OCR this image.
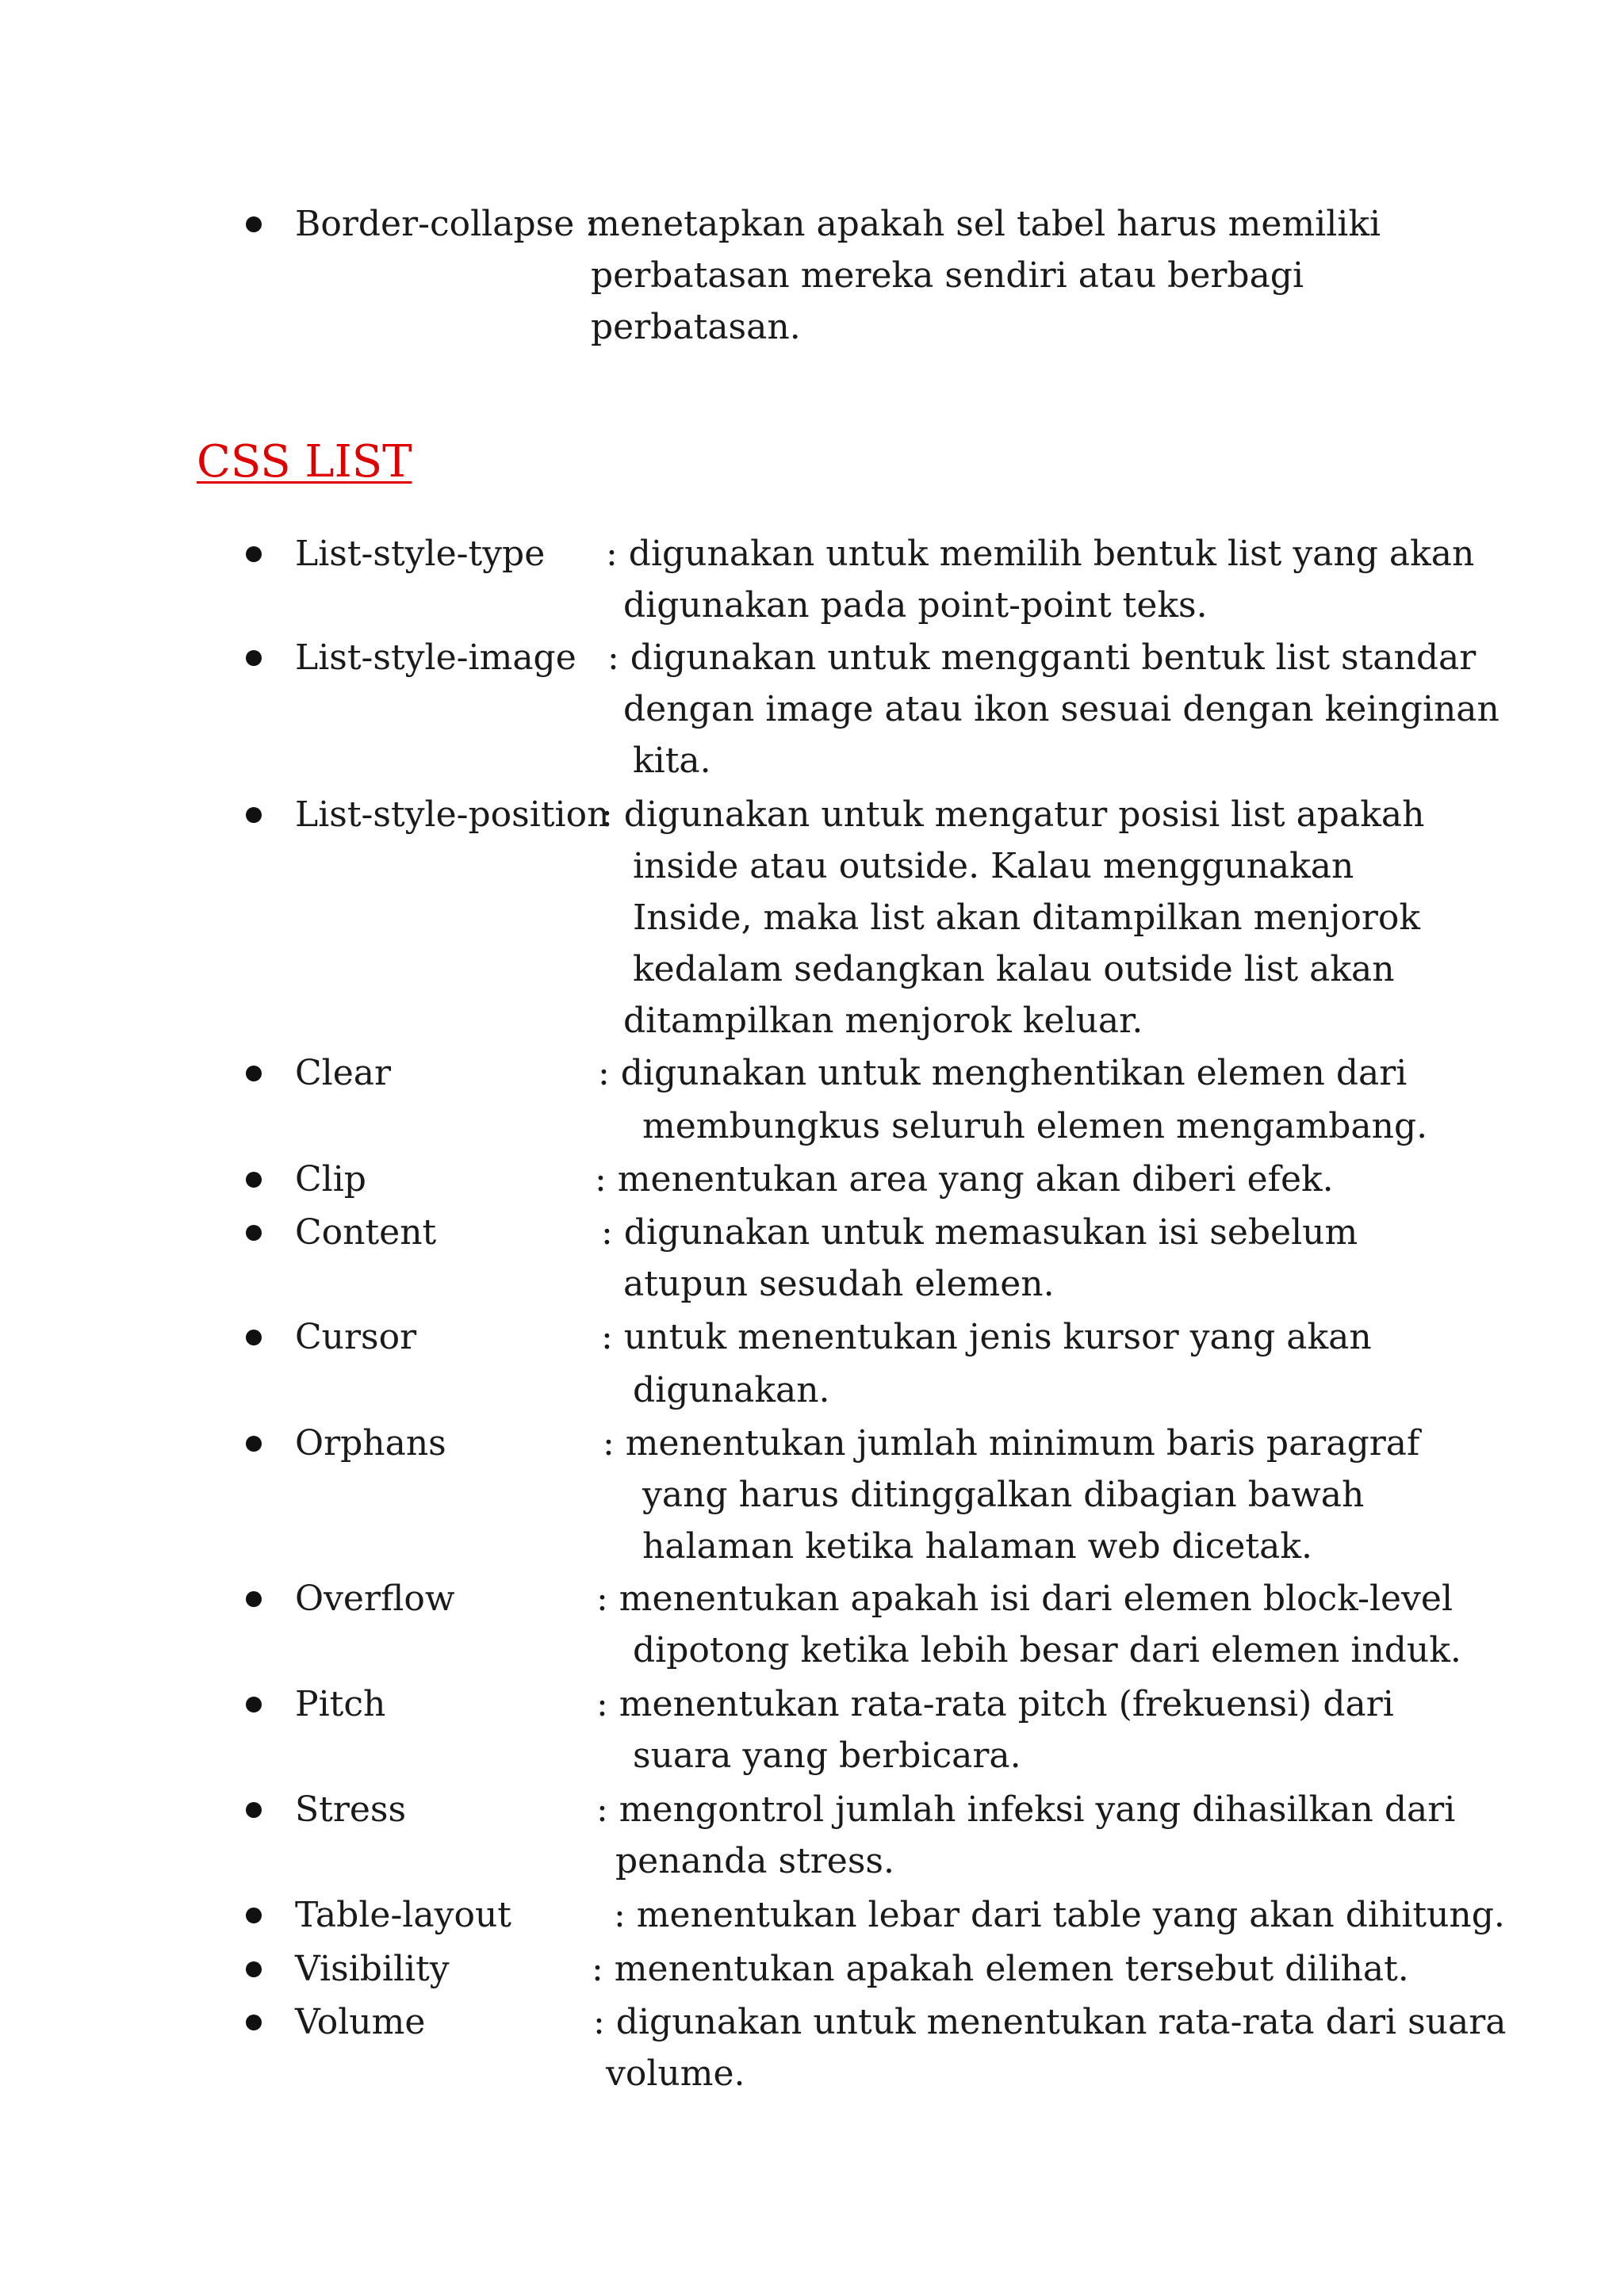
Border-collapse :
menetapkan apakah sel tabel harus memiliki
perbatasan mereka sendiri atau berbagi
perbatasan.
CSS LIST
List-style-type : digunakan untuk memilih bentuk list yang akan
digunakan pada point-point teks.
List-style-image : digunakan untuk mengganti bentuk list standar
dengan image atau ikon sesuai dengan keinginan
kita.
List-style-position
: digunakan untuk mengatur posisi list apakah
inside atau outside. Kalau menggunakan
Inside, maka list akan ditampilkan menjorok
kedalam sedangkan kalau outside list akan
ditampilkan menjorok keluar.
Clear	: digunakan untuk menghentikan elemen dari
membungkus seluruh elemen mengambang.
Clip	: menentukan area yang akan diberi efek.
Content	: digunakan untuk memasukan isi sebelum
atupun sesudah elemen.
Cursor	: untuk menentukan jenis kursor yang akan
digunakan.
Orphans	: menentukan jumlah minimum baris paragraf
yang harus ditinggalkan dibagian bawah
halaman ketika halaman web dicetak.
Overflow	: menentukan apakah isi dari elemen block-level
dipotong ketika lebih besar dari elemen induk.
Pitch	: menentukan rata-rata pitch (frekuensi) dari
suara yang berbicara.
Stress	: mengontrol jumlah infeksi yang dihasilkan dari
penanda stress.
Table-layout	: menentukan lebar dari table yang akan dihitung.
Visibility	: menentukan apakah elemen tersebut dilihat.
Volume	: digunakan untuk menentukan rata-rata dari suara
volume.
